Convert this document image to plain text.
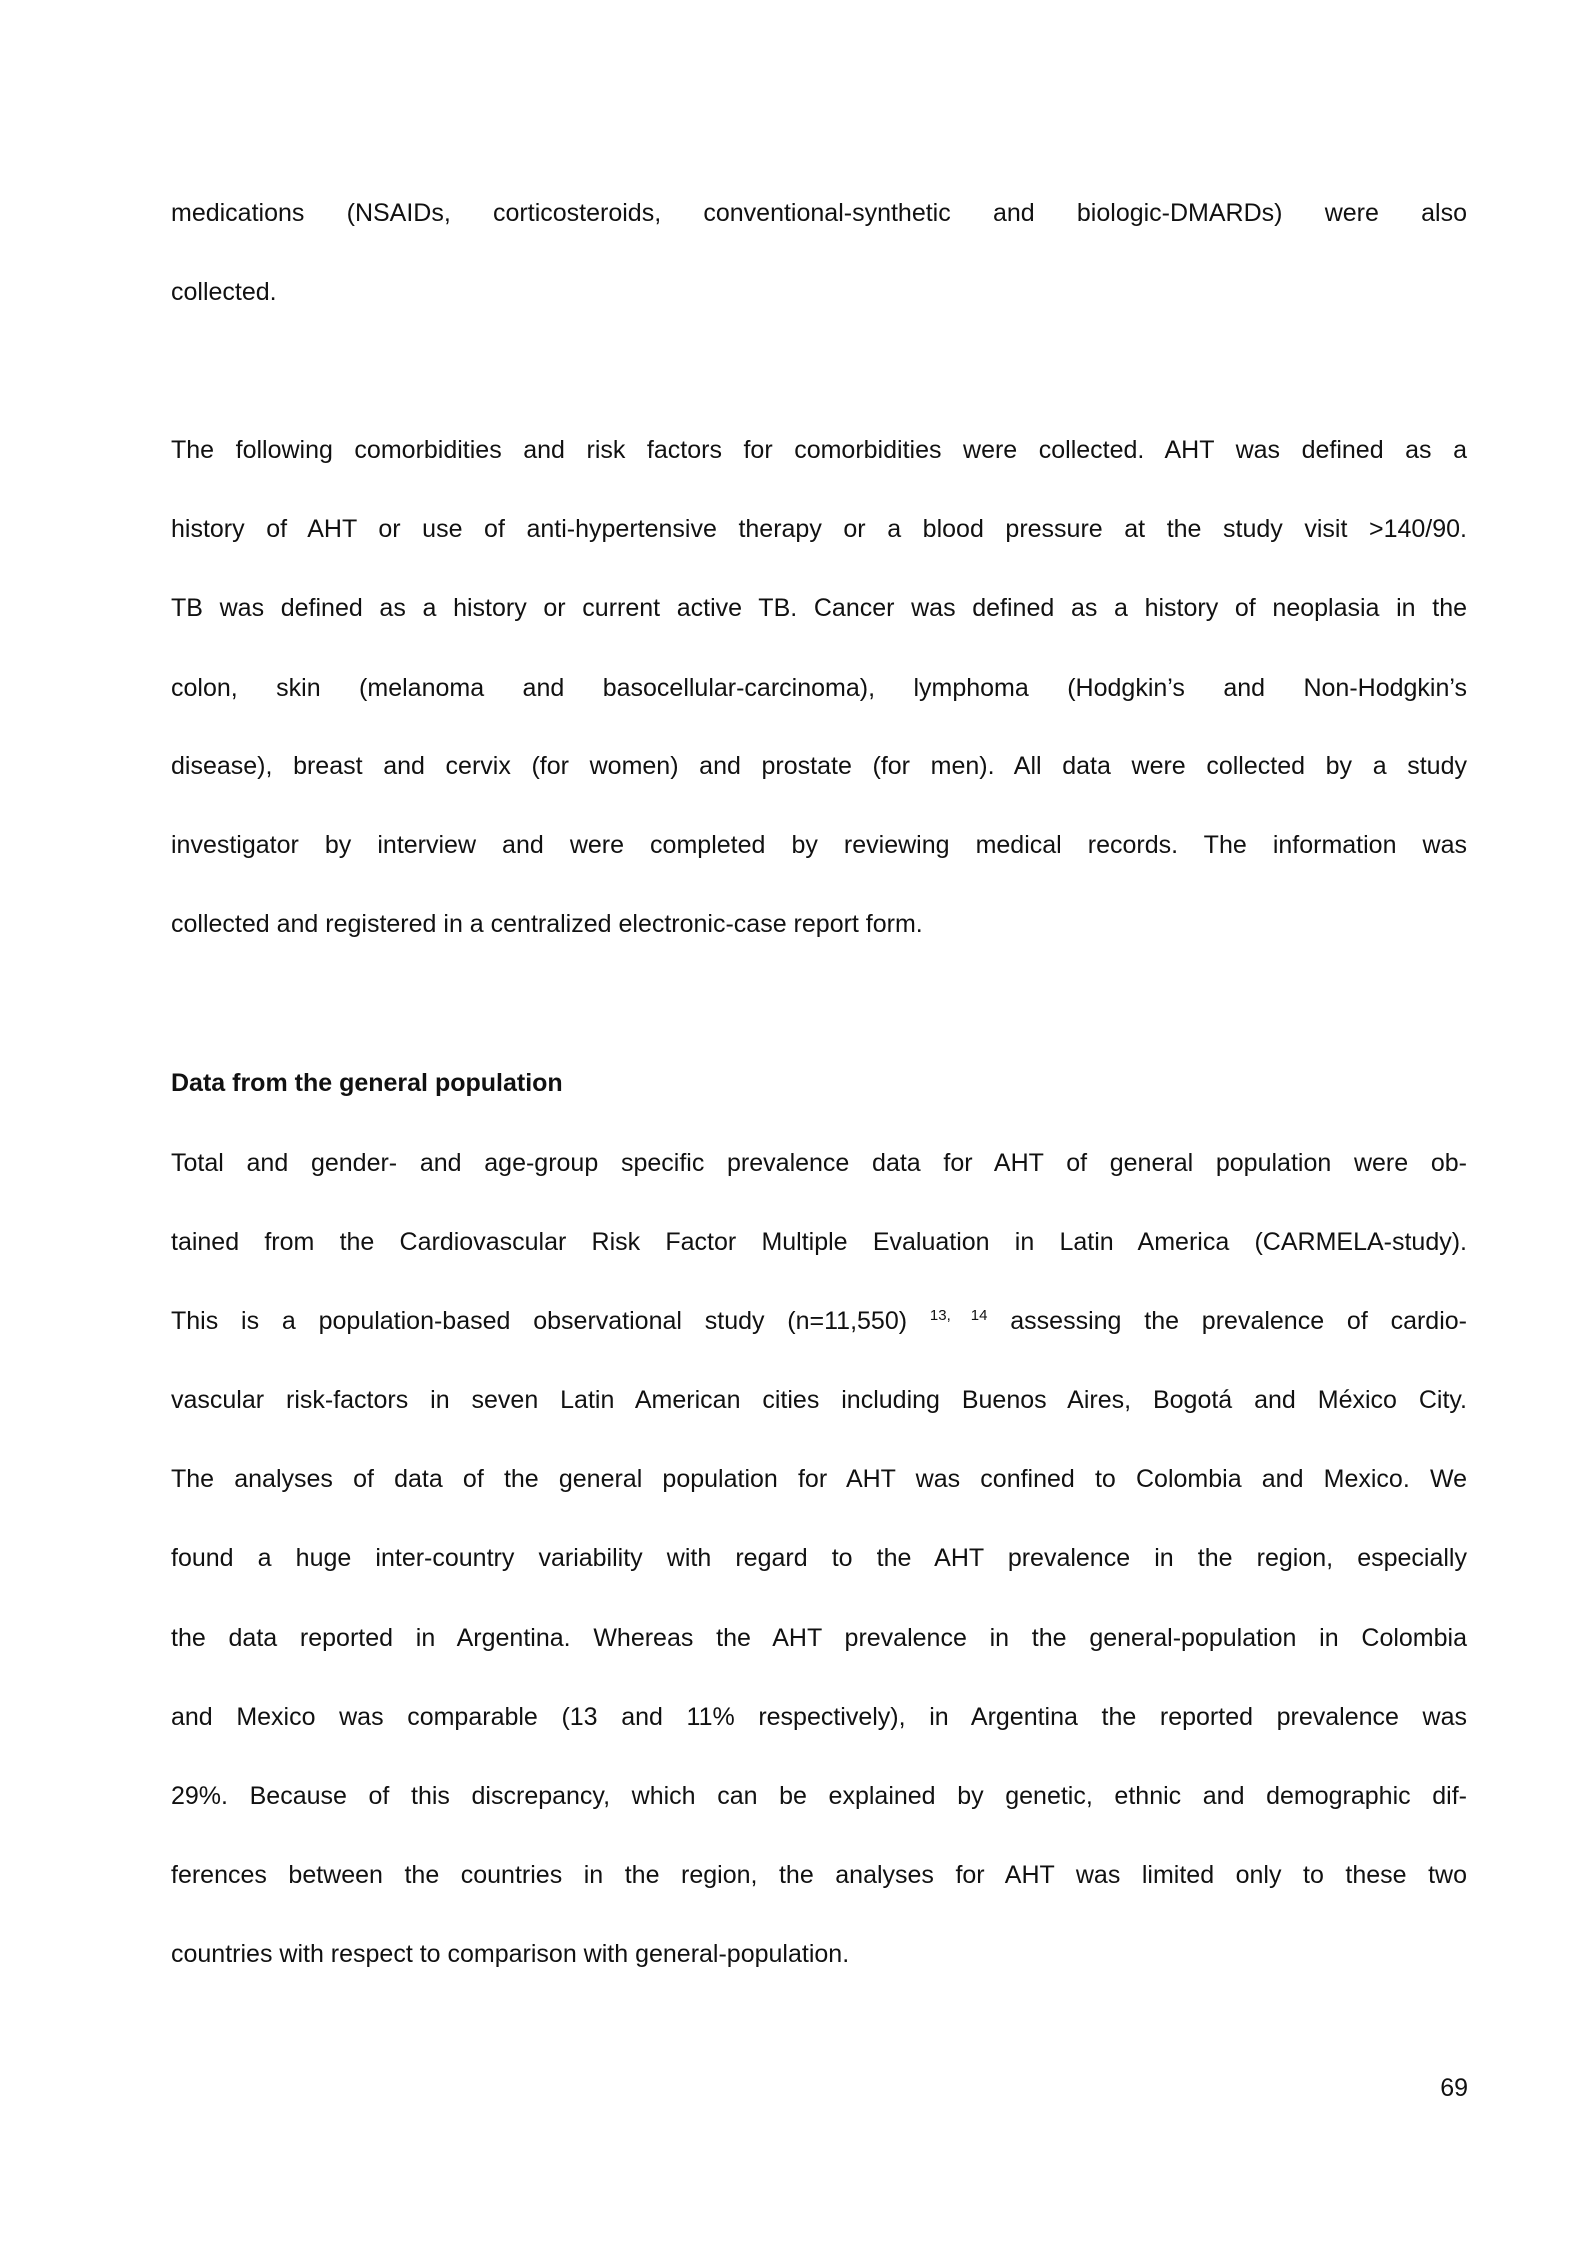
medications (NSAIDs, corticosteroids, conventional-synthetic and biologic-DMARDs) were also
collected.
The following comorbidities and risk factors for comorbidities were collected. AHT was defined as a
history of AHT or use of anti-hypertensive therapy or a blood pressure at the study visit >140/90.
TB was defined as a history or current active TB. Cancer was defined as a history of neoplasia in the
colon, skin (melanoma and basocellular-carcinoma), lymphoma (Hodgkin’s and Non-Hodgkin’s
disease), breast and cervix (for women) and prostate (for men). All data were collected by a study
investigator by interview and were completed by reviewing medical records. The information was
collected and registered in a centralized electronic-case report form.
Data from the general population
Total and gender- and age-group specific prevalence data for AHT of general population were ob-
tained from the Cardiovascular Risk Factor Multiple Evaluation in Latin America (CARMELA-study).
This is a population-based observational study (n=11,550) $^{13, 14}$ assessing the prevalence of cardio-
vascular risk-factors in seven Latin American cities including Buenos Aires, Bogotá and México City.
The analyses of data of the general population for AHT was confined to Colombia and Mexico. We
found a huge inter-country variability with regard to the AHT prevalence in the region, especially
the data reported in Argentina. Whereas the AHT prevalence in the general-population in Colombia
and Mexico was comparable (13 and 11% respectively), in Argentina the reported prevalence was
29%. Because of this discrepancy, which can be explained by genetic, ethnic and demographic dif-
ferences between the countries in the region, the analyses for AHT was limited only to these two
countries with respect to comparison with general-population.
69
